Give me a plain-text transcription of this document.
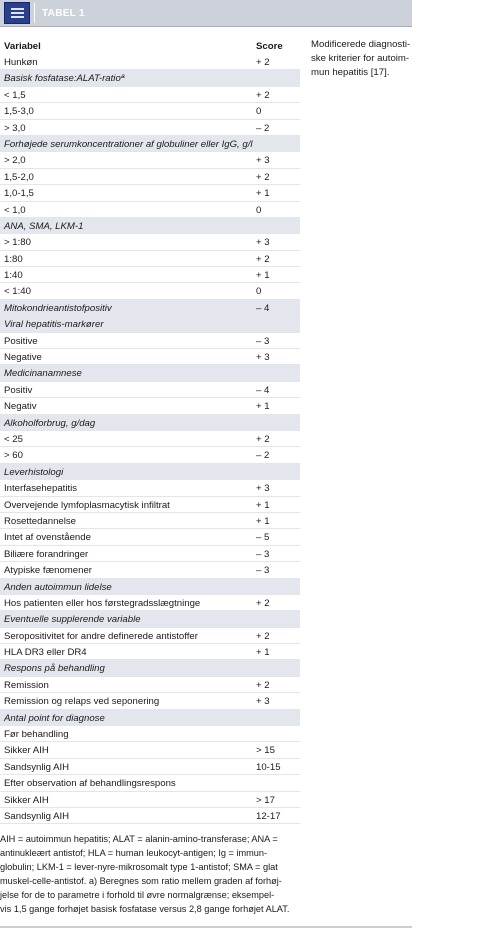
TABEL 1
Variabel	Score
Hunkøn	+ 2
Basisk fosfatase:ALAT-ratioª
< 1,5	+ 2
1,5-3,0	0
> 3,0	– 2
Forhøjede serumkoncentrationer af globuliner eller IgG, g/l
> 2,0	+ 3
1,5-2,0	+ 2
1,0-1,5	+ 1
< 1,0	0
ANA, SMA, LKM-1
> 1:80	+ 3
1:80	+ 2
1:40	+ 1
< 1:40	0
Mitokondrieantistofpositiv	– 4
Viral hepatitis-markører
Positive	– 3
Negative	+ 3
Medicinanamnese
Positiv	– 4
Negativ	+ 1
Alkoholforbrug, g/dag
< 25	+ 2
> 60	– 2
Leverhistologi
Interfasehepatitis	+ 3
Overvejende lymfoplasmacytisk infiltrat	+ 1
Rosettedannelse	+ 1
Intet af ovenstående	– 5
Biliære forandringer	– 3
Atypiske fænomener	– 3
Anden autoimmun lidelse
Hos patienten eller hos førstegradsslægtninge	+ 2
Eventuelle supplerende variable
Seropositivitet for andre definerede antistoffer	+ 2
HLA DR3 eller DR4	+ 1
Respons på behandling
Remission	+ 2
Remission og relaps ved seponering	+ 3
Antal point for diagnose
Før behandling
Sikker AIH	> 15
Sandsynlig AIH	10-15
Efter observation af behandlingsrespons
Sikker AIH	> 17
Sandsynlig AIH	12-17
Modificerede diagnosti-
ske kriterier for autoim-
mun hepatitis [17].
AIH = autoimmun hepatitis; ALAT = alanin-amino-transferase; ANA =
antinukleært antistof; HLA = human leukocyt-antigen; Ig = immun-
globulin; LKM-1 = lever-nyre-mikrosomalt type 1-antistof; SMA = glat
muskel-celle-antistof. a) Beregnes som ratio mellem graden af forhøj-
jelse for de to parametre i forhold til øvre normalgrænse; eksempel-
vis 1,5 gange forhøjet basisk fosfatase versus 2,8 gange forhøjet ALAT.
